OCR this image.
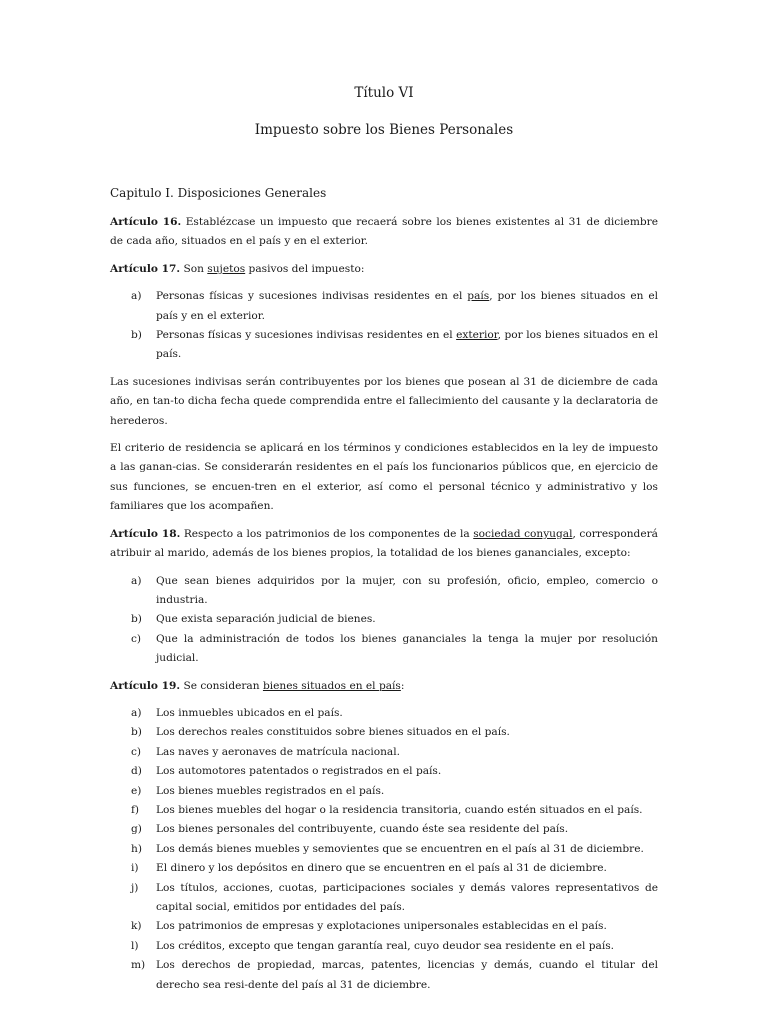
Título VI
Impuesto sobre los Bienes Personales
Capitulo I. Disposiciones Generales

Artículo 16. Establézcase un impuesto que recaerá sobre los bienes existentes al 31 de diciembre de cada año, situados en el país y en el exterior.

Artículo 17. Son sujetos pasivos del impuesto:

a) Personas físicas y sucesiones indivisas residentes en el país, por los bienes situados en el país y en el exterior.
b) Personas físicas y sucesiones indivisas residentes en el exterior, por los bienes situados en el país.

Las sucesiones indivisas serán contribuyentes por los bienes que posean al 31 de diciembre de cada año, en tan-to dicha fecha quede comprendida entre el fallecimiento del causante y la declaratoria de herederos.

El criterio de residencia se aplicará en los términos y condiciones establecidos en la ley de impuesto a las ganan-cias. Se considerarán residentes en el país los funcionarios públicos que, en ejercicio de sus funciones, se encuen-tren en el exterior, así como el personal técnico y administrativo y los familiares que los acompañen.

Artículo 18. Respecto a los patrimonios de los componentes de la sociedad conyugal, corresponderá atribuir al marido, además de los bienes propios, la totalidad de los bienes gananciales, excepto:

a) Que sean bienes adquiridos por la mujer, con su profesión, oficio, empleo, comercio o industria.
b) Que exista separación judicial de bienes.
c) Que la administración de todos los bienes gananciales la tenga la mujer por resolución judicial.

Artículo 19. Se consideran bienes situados en el país:

a) Los inmuebles ubicados en el país.
b) Los derechos reales constituidos sobre bienes situados en el país.
c) Las naves y aeronaves de matrícula nacional.
d) Los automotores patentados o registrados en el país.
e) Los bienes muebles registrados en el país.
f) Los bienes muebles del hogar o la residencia transitoria, cuando estén situados en el país.
g) Los bienes personales del contribuyente, cuando éste sea residente del país.
h) Los demás bienes muebles y semovientes que se encuentren en el país al 31 de diciembre.
i) El dinero y los depósitos en dinero que se encuentren en el país al 31 de diciembre.
j) Los títulos, acciones, cuotas, participaciones sociales y demás valores representativos de capital social, emitidos por entidades del país.
k) Los patrimonios de empresas y explotaciones unipersonales establecidas en el país.
l) Los créditos, excepto que tengan garantía real, cuyo deudor sea residente en el país.
m) Los derechos de propiedad, marcas, patentes, licencias y demás, cuando el titular del derecho sea resi-dente del país al 31 de diciembre.
